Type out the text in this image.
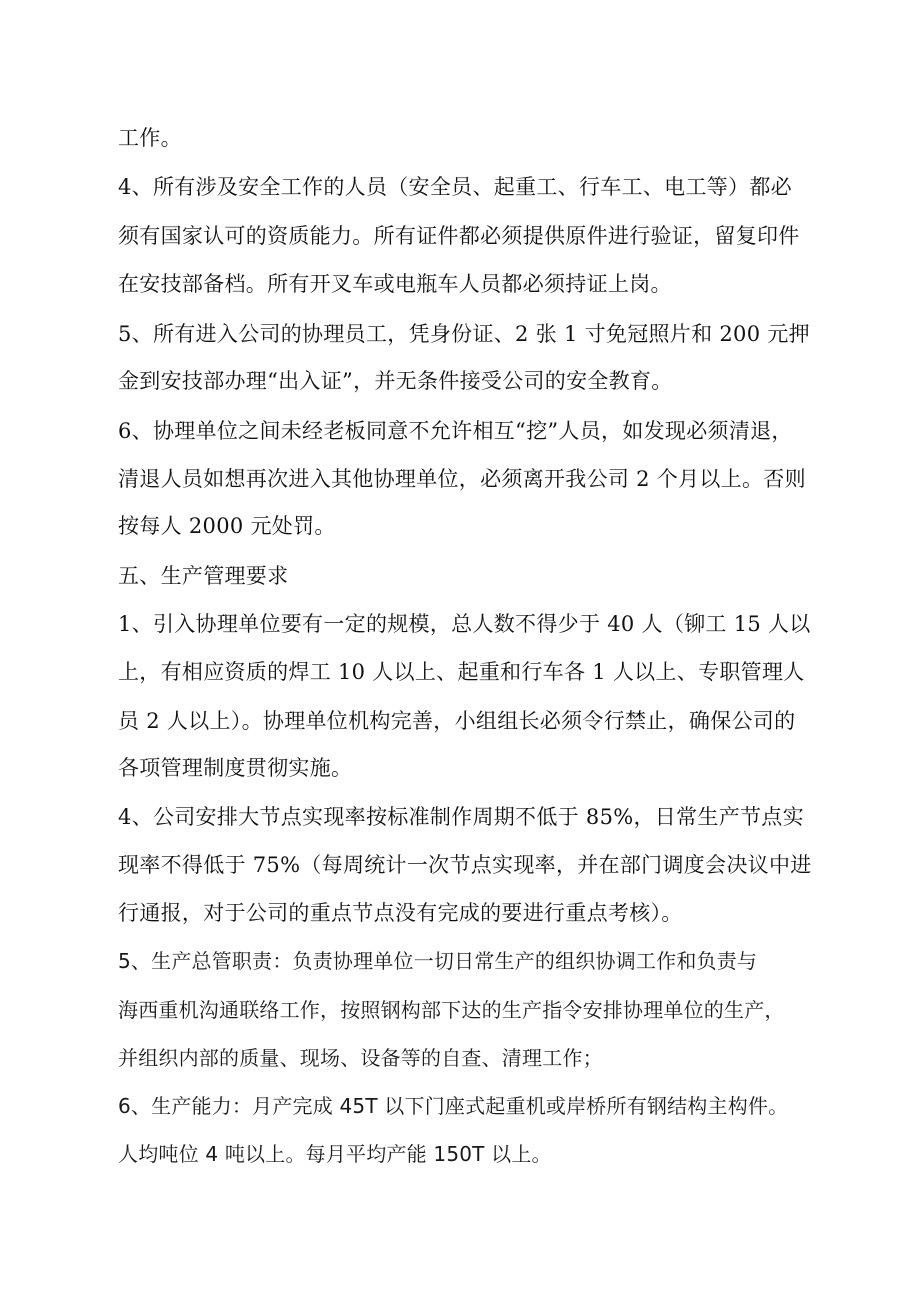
工作。
4、所有涉及安全工作的人员（安全员、起重工、行车工、电工等）都必
须有国家认可的资质能力。所有证件都必须提供原件进行验证，留复印件
在安技部备档。所有开叉车或电瓶车人员都必须持证上岗。
5、所有进入公司的协理员工，凭身份证、2 张 1 寸免冠照片和 200 元押
金到安技部办理“出入证”，并无条件接受公司的安全教育。
6、协理单位之间未经老板同意不允许相互“挖”人员，如发现必须清退，
清退人员如想再次进入其他协理单位，必须离开我公司 2 个月以上。否则
按每人 2000 元处罚。
五、生产管理要求
1、引入协理单位要有一定的规模，总人数不得少于 40 人（铆工 15 人以
上，有相应资质的焊工 10 人以上、起重和行车各 1 人以上、专职管理人
员 2 人以上）。协理单位机构完善，小组组长必须令行禁止，确保公司的
各项管理制度贯彻实施。
4、公司安排大节点实现率按标准制作周期不低于 85%，日常生产节点实
现率不得低于 75%（每周统计一次节点实现率，并在部门调度会决议中进
行通报，对于公司的重点节点没有完成的要进行重点考核）。
5、生产总管职责：负责协理单位一切日常生产的组织协调工作和负责与
海西重机沟通联络工作，按照钢构部下达的生产指令安排协理单位的生产，
并组织内部的质量、现场、设备等的自查、清理工作；
6、生产能力：月产完成 45T 以下门座式起重机或岸桥所有钢结构主构件。
人均吨位 4 吨以上。每月平均产能 150T 以上。
